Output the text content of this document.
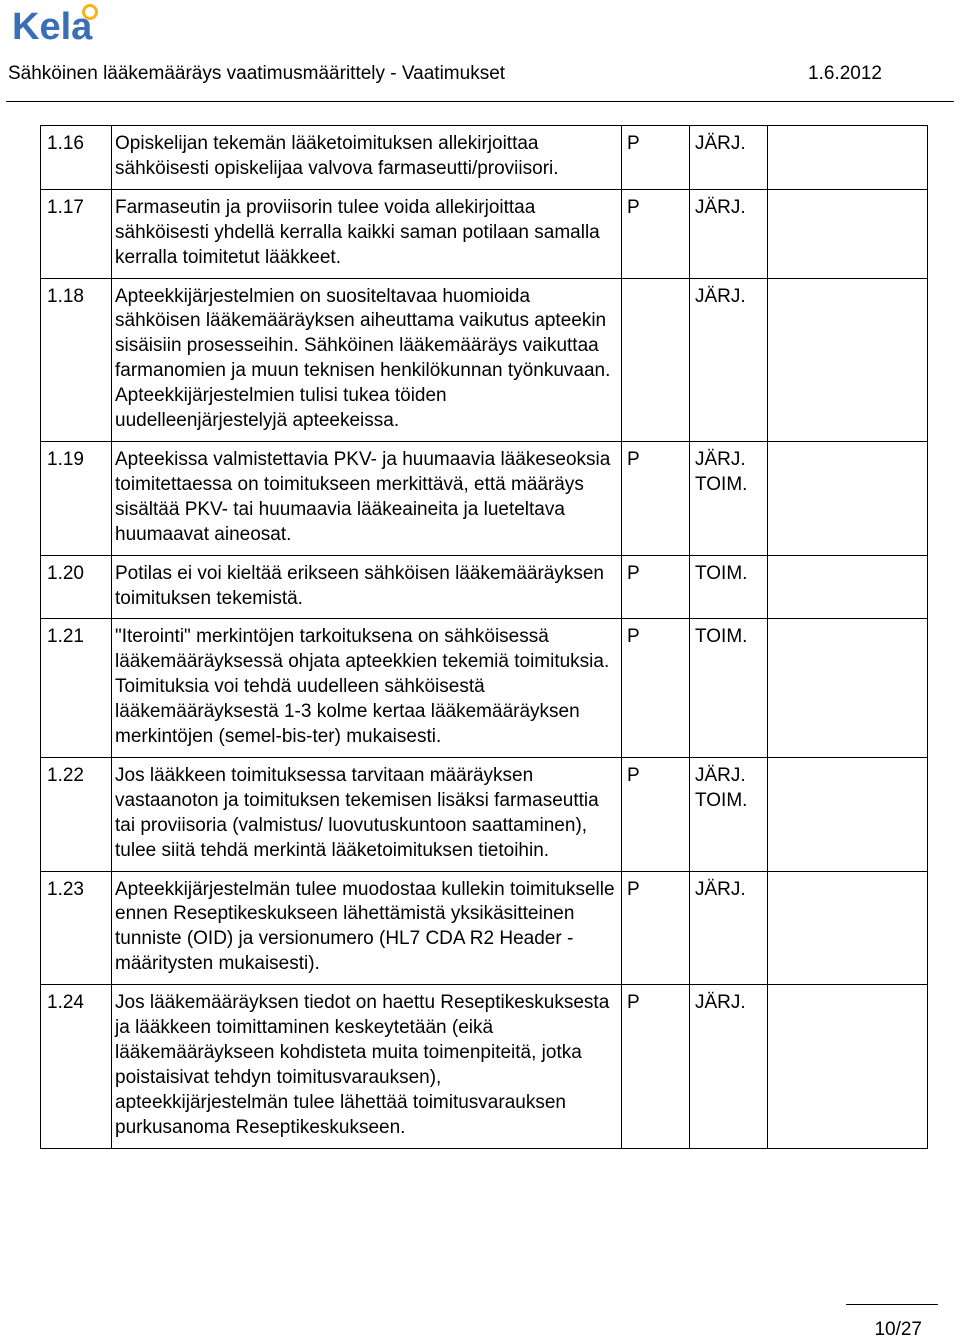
Kela
Sähköinen lääkemääräys vaatimusmäärittely - Vaatimukset	1.6.2012
1.16	Opiskelijan tekemän lääketoimituksen allekirjoittaa sähköisesti opiskelijaa valvova farmaseutti/proviisori.	P	JÄRJ.	

1.17	Farmaseutin ja proviisorin tulee voida allekirjoittaa sähköisesti yhdellä kerralla kaikki saman potilaan samalla kerralla toimitetut lääkkeet.	P	JÄRJ.	

1.18	Apteekkijärjestelmien on suositeltavaa huomioida sähköisen lääkemääräyksen aiheuttama vaikutus apteekin sisäisiin prosesseihin. Sähköinen lääkemääräys vaikuttaa farmanomien ja muun teknisen henkilökunnan työnkuvaan. Apteekkijärjestelmien tulisi tukea töiden uudelleenjärjestelyjä apteekeissa.		JÄRJ.	

1.19	Apteekissa valmistettavia PKV- ja huumaavia lääkeseoksia toimitettaessa on toimitukseen merkittävä, että määräys sisältää PKV- tai huumaavia lääkeaineita ja lueteltava huumaavat aineosat.	P	JÄRJ.
TOIM.	

1.20	Potilas ei voi kieltää erikseen sähköisen lääkemääräyksen toimituksen tekemistä.	P	TOIM.	

1.21	"Iterointi" merkintöjen tarkoituksena on sähköisessä lääkemääräyksessä ohjata apteekkien tekemiä toimituksia. Toimituksia voi tehdä uudelleen sähköisestä lääkemääräyksestä 1-3 kolme kertaa lääkemääräyksen merkintöjen (semel-bis-ter) mukaisesti.	P	TOIM.	

1.22	Jos lääkkeen toimituksessa tarvitaan määräyksen vastaanoton ja toimituksen tekemisen lisäksi farmaseuttia tai proviisoria (valmistus/ luovutuskuntoon saattaminen), tulee siitä tehdä merkintä lääketoimituksen tietoihin.	P	JÄRJ.
TOIM.	

1.23	Apteekkijärjestelmän tulee muodostaa kullekin toimitukselle ennen Reseptikeskukseen lähettämistä yksikäsitteinen tunniste (OID) ja versionumero (HL7 CDA R2 Header -määritysten mukaisesti).	P	JÄRJ.	

1.24	Jos lääkemääräyksen tiedot on haettu Reseptikeskuksesta ja lääkkeen toimittaminen keskeytetään (eikä lääkemääräykseen kohdisteta muita toimenpiteitä, jotka poistaisivat tehdyn toimitusvarauksen), apteekkijärjestelmän tulee lähettää toimitusvarauksen purkusanoma Reseptikeskukseen.	P	JÄRJ.	

10/27
